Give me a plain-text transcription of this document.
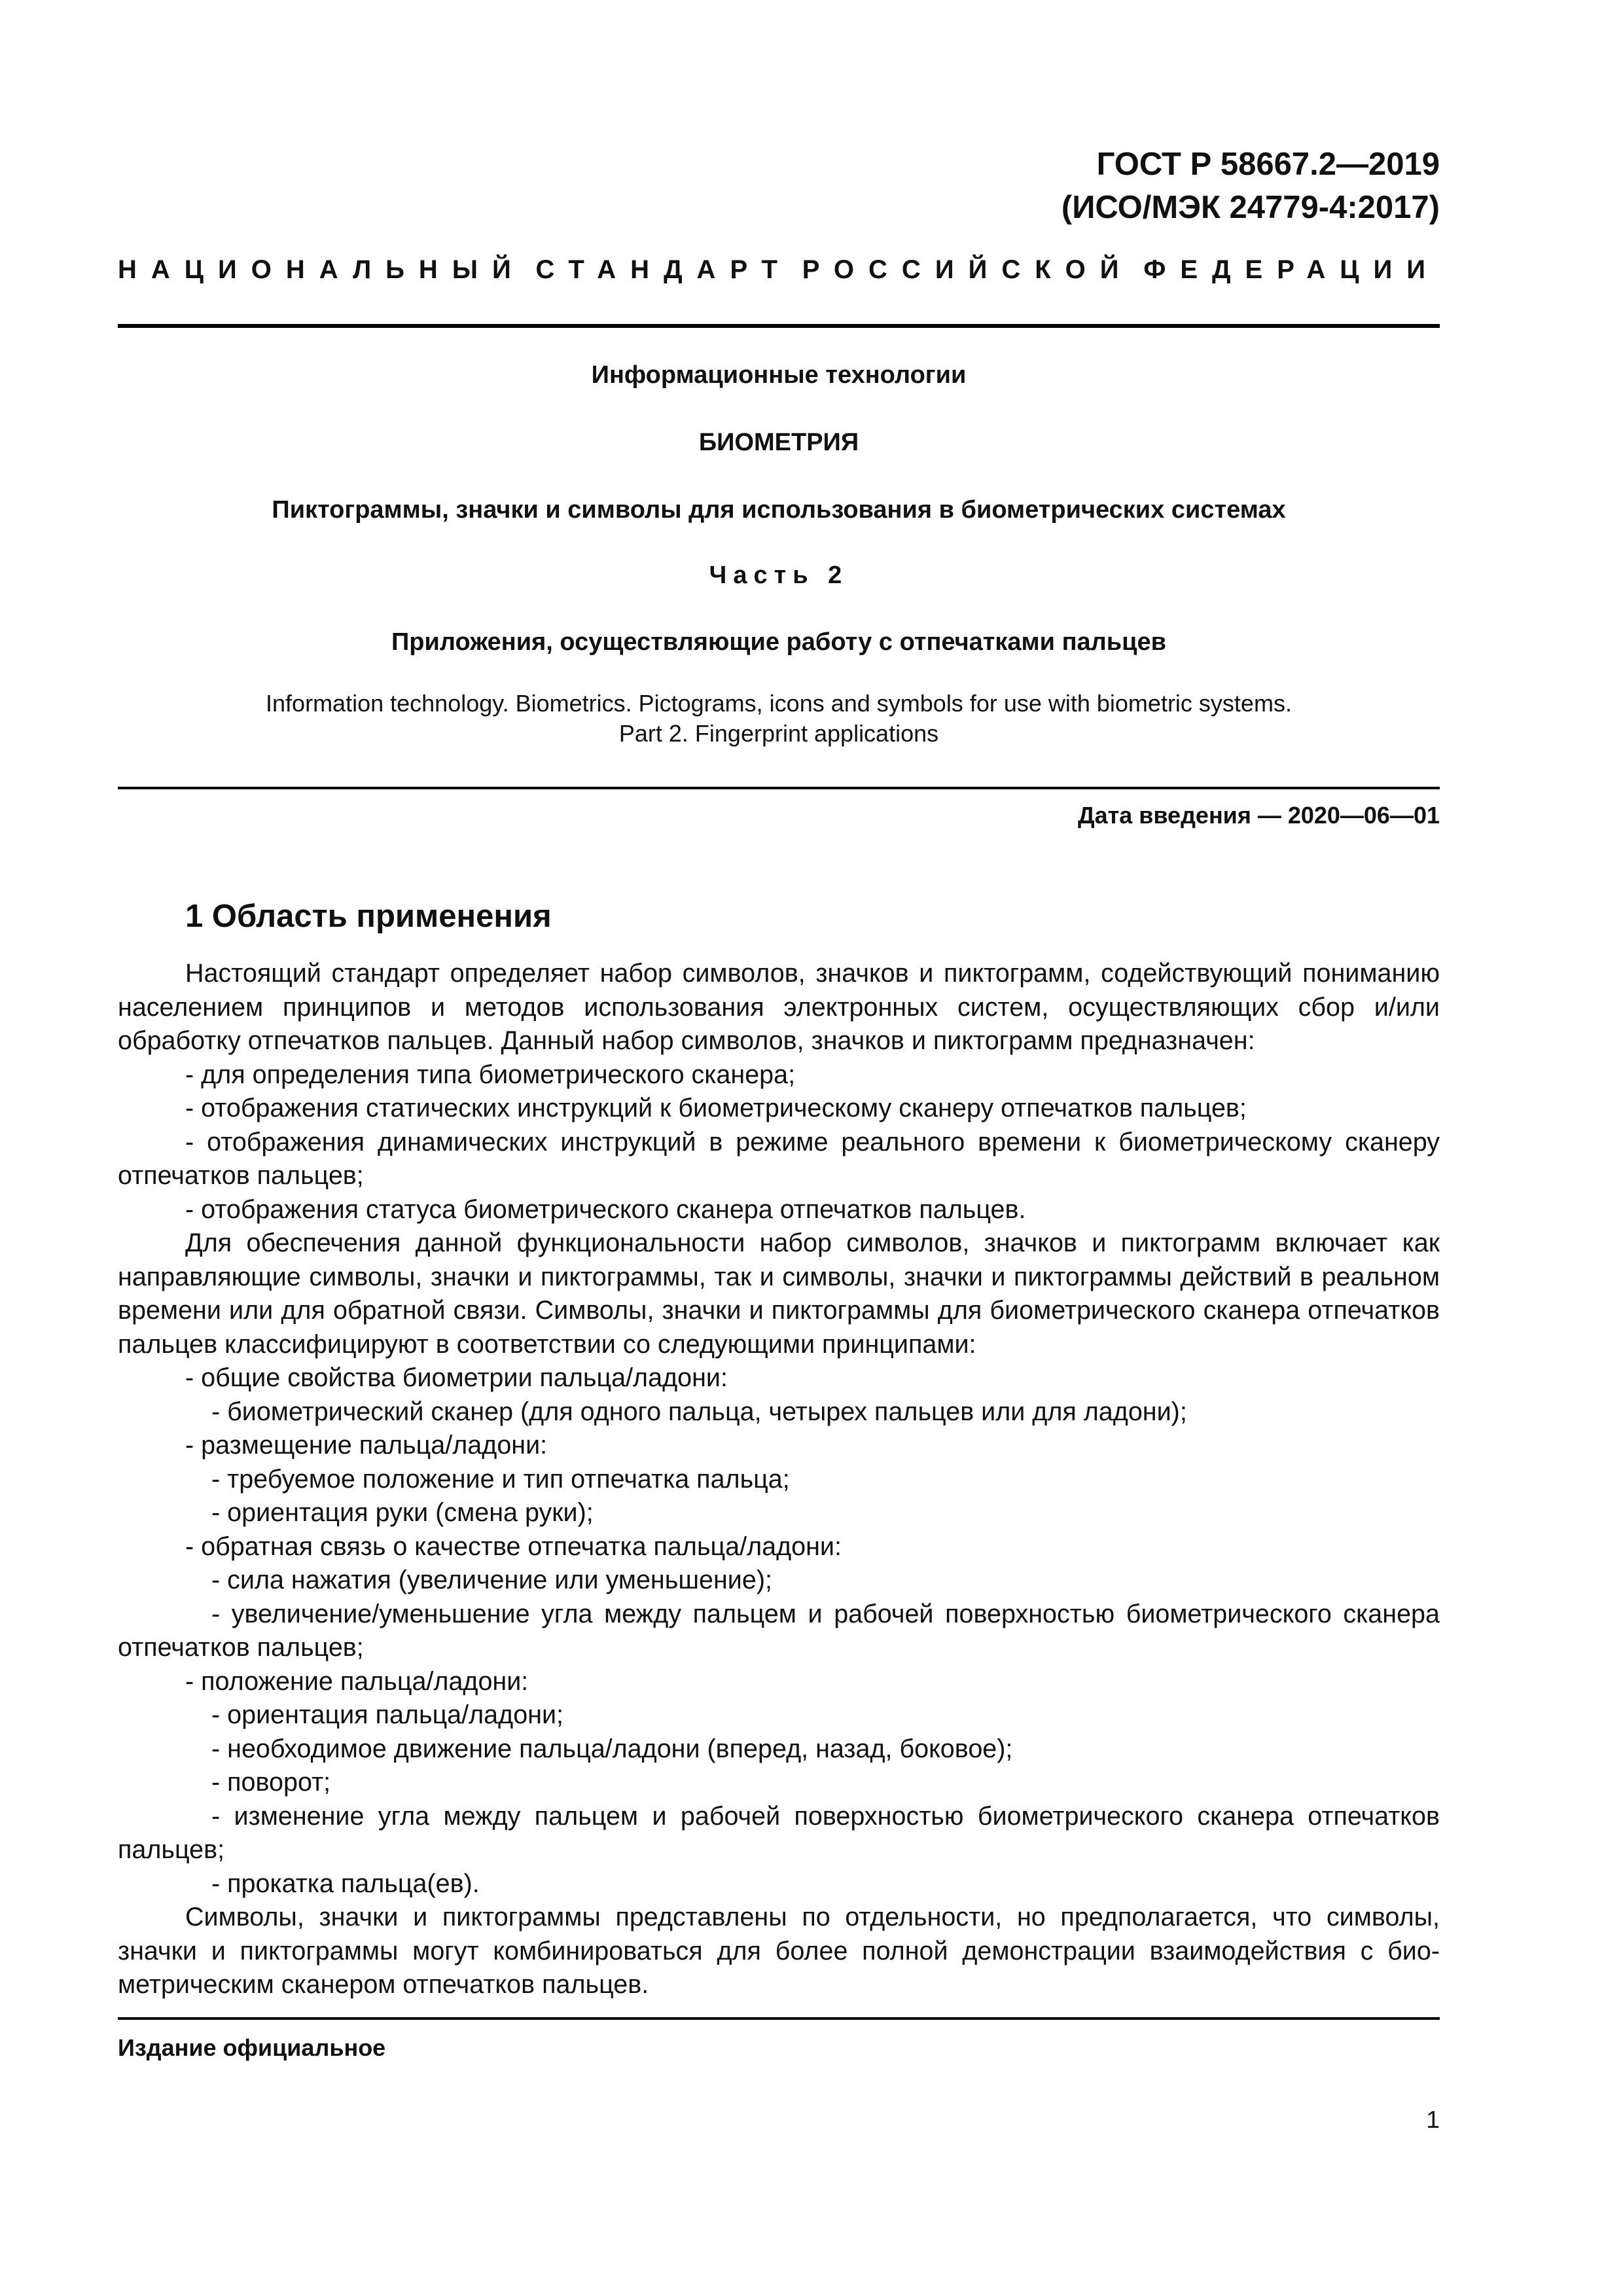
ГОСТ Р 58667.2—2019
(ИСО/МЭК 24779-4:2017)
НАЦИОНАЛЬНЫЙ СТАНДАРТ РОССИЙСКОЙ ФЕДЕРАЦИИ
Информационные технологии
БИОМЕТРИЯ
Пиктограммы, значки и символы для использования в биометрических системах
Часть 2
Приложения, осуществляющие работу с отпечатками пальцев
Information technology. Biometrics. Pictograms, icons and symbols for use with biometric systems.
Part 2. Fingerprint applications
Дата введения — 2020—06—01
1 Область применения

Настоящий стандарт определяет набор символов, значков и пиктограмм, содействующий пониманию населением принципов и методов использования электронных систем, осуществляющих сбор и/или обработку отпечатков пальцев. Данный набор символов, значков и пиктограмм предназначен:

- для определения типа биометрического сканера;

- отображения статических инструкций к биометрическому сканеру отпечатков пальцев;

- отображения динамических инструкций в режиме реального времени к биометрическому сканеру отпечатков пальцев;

- отображения статуса биометрического сканера отпечатков пальцев.

Для обеспечения данной функциональности набор символов, значков и пиктограмм включает как направляющие символы, значки и пиктограммы, так и символы, значки и пиктограммы действий в реальном времени или для обратной связи. Символы, значки и пиктограммы для биометрического сканера отпечатков пальцев классифицируют в соответствии со следующими принципами:

- общие свойства биометрии пальца/ладони:

- биометрический сканер (для одного пальца, четырех пальцев или для ладони);

- размещение пальца/ладони:

- требуемое положение и тип отпечатка пальца;

- ориентация руки (смена руки);

- обратная связь о качестве отпечатка пальца/ладони:

- сила нажатия (увеличение или уменьшение);

- увеличение/уменьшение угла между пальцем и рабочей поверхностью биометрического сканера отпечатков пальцев;

- положение пальца/ладони:

- ориентация пальца/ладони;

- необходимое движение пальца/ладони (вперед, назад, боковое);

- поворот;

- изменение угла между пальцем и рабочей поверхностью биометрического сканера отпечатков пальцев;

- прокатка пальца(ев).

Символы, значки и пиктограммы представлены по отдельности, но предполагается, что символы, значки и пиктограммы могут комбинироваться для более полной демонстрации взаимодействия с биометрическим сканером отпечатков пальцев.

Издание официальное
1
